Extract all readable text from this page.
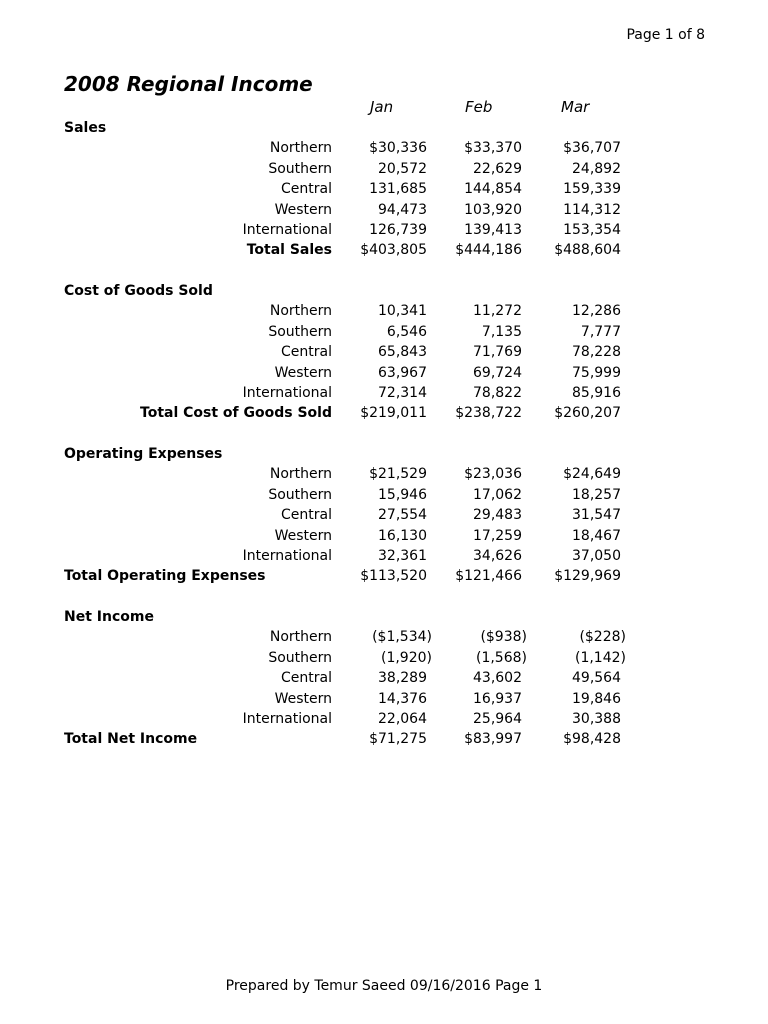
Page 1 of 8
2008 Regional Income
Jan	Feb	Mar
Sales
Northern	$30,336	$33,370	$36,707
Southern	20,572	22,629	24,892
Central	131,685	144,854	159,339
Western	94,473	103,920	114,312
International	126,739	139,413	153,354
Total Sales $403,805 $444,186 $488,604
Cost of Goods Sold
Northern	10,341	11,272	12,286
Southern	6,546	7,135	7,777
Central	65,843	71,769	78,228
Western	63,967	69,724	75,999
International	72,314	78,822	85,916
Total Cost of Goods Sold $219,011 $238,722 $260,207
Operating Expenses
Northern	$21,529	$23,036	$24,649
Southern	15,946	17,062	18,257
Central	27,554	29,483	31,547
Western	16,130	17,259	18,467
International	32,361	34,626	37,050
Total Operating Expenses	$113,520 $121,466 $129,969
Net Income
Northern	($1,534)	($938)	($228)
Southern	(1,920)	(1,568)	(1,142)
Central	38,289	43,602	49,564
Western	14,376	16,937	19,846
International	22,064	25,964	30,388
Total Net Income	$71,275	$83,997	$98,428
Prepared by Temur Saeed 09/16/2016 Page 1
